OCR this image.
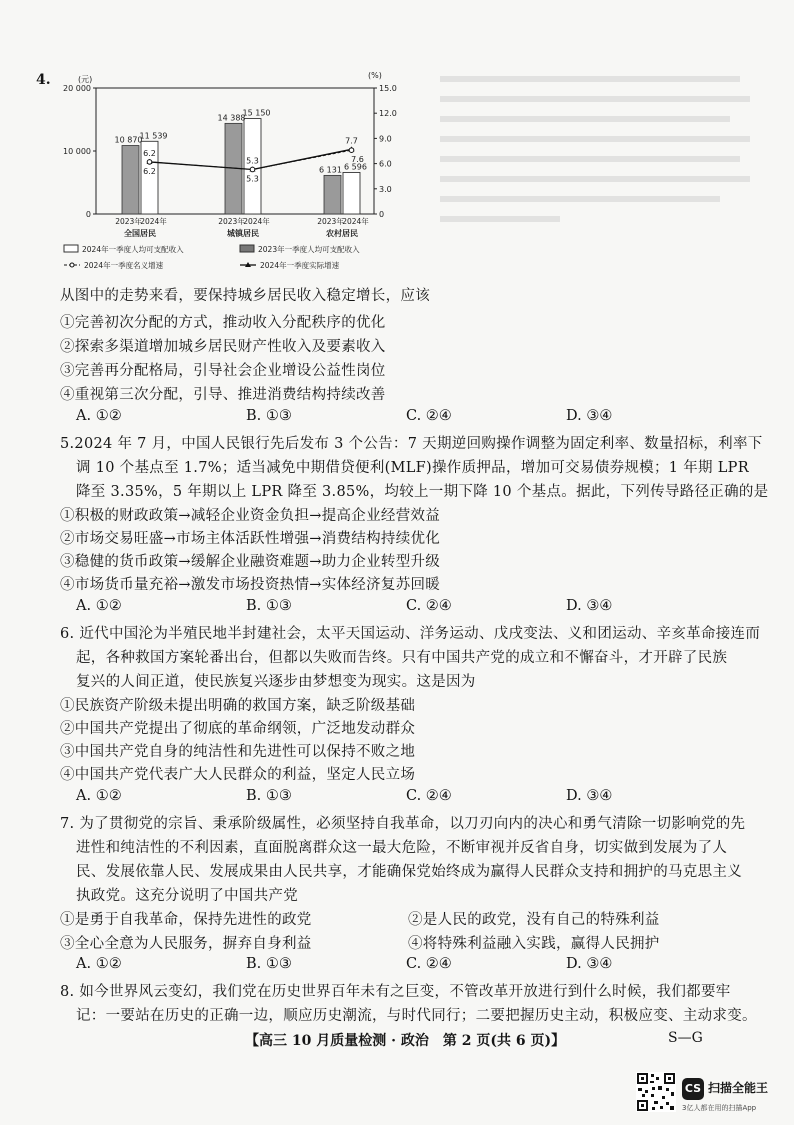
4.	(元)	(%)
20 000
10 000
0
15.0
12.0
9.0
6.0
3.0
0
10 870
11 539
2023年
2024年
全国居民
6.2
6.2
14 388
15 150
2023年
2024年
城镇居民
5.3
5.3
6 131 6 596
2023年
2024年
农村居民
7.7
7.6
2024年一季度人均可支配收入	2023年一季度人均可支配收入
2024年一季度名义增速	2024年一季度实际增速
从图中的走势来看，要保持城乡居民收入稳定增长，应该
①完善初次分配的方式，推动收入分配秩序的优化
②探索多渠道增加城乡居民财产性收入及要素收入
③完善再分配格局，引导社会企业增设公益性岗位
④重视第三次分配，引导、推进消费结构持续改善
A. ①②	B. ①③	C. ②④	D. ③④
5.2024 年 7 月，中国人民银行先后发布 3 个公告：7 天期逆回购操作调整为固定利率、数量招标，利率下
调 10 个基点至 1.7%；适当减免中期借贷便利(MLF)操作质押品，增加可交易债券规模；1 年期 LPR
降至 3.35%，5 年期以上 LPR 降至 3.85%，均较上一期下降 10 个基点。据此，下列传导路径正确的是
①积极的财政政策→减轻企业资金负担→提高企业经营效益
②市场交易旺盛→市场主体活跃性增强→消费结构持续优化
③稳健的货币政策→缓解企业融资难题→助力企业转型升级
④市场货币量充裕→激发市场投资热情→实体经济复苏回暖
A. ①②	B. ①③	C. ②④	D. ③④
6. 近代中国沦为半殖民地半封建社会，太平天国运动、洋务运动、戊戌变法、义和团运动、辛亥革命接连而
起，各种救国方案轮番出台，但都以失败而告终。只有中国共产党的成立和不懈奋斗，才开辟了民族
复兴的人间正道，使民族复兴逐步由梦想变为现实。这是因为
①民族资产阶级未提出明确的救国方案，缺乏阶级基础
②中国共产党提出了彻底的革命纲领，广泛地发动群众
③中国共产党自身的纯洁性和先进性可以保持不败之地
④中国共产党代表广大人民群众的利益，坚定人民立场
A. ①②	B. ①③	C. ②④	D. ③④
7. 为了贯彻党的宗旨、秉承阶级属性，必须坚持自我革命，以刀刃向内的决心和勇气清除一切影响党的先
进性和纯洁性的不利因素，直面脱离群众这一最大危险，不断审视并反省自身，切实做到发展为了人
民、发展依靠人民、发展成果由人民共享，才能确保党始终成为赢得人民群众支持和拥护的马克思主义
执政党。这充分说明了中国共产党
①是勇于自我革命，保持先进性的政党	②是人民的政党，没有自己的特殊利益
③全心全意为人民服务，摒弃自身利益	④将特殊利益融入实践，赢得人民拥护
A. ①②	B. ①③	C. ②④	D. ③④
8. 如今世界风云变幻，我们党在历史世界百年未有之巨变，不管改革开放进行到什么时候，我们都要牢
记：一要站在历史的正确一边，顺应历史潮流，与时代同行；二要把握历史主动，积极应变、主动求变。
【高三 10 月质量检测 · 政治　第 2 页(共 6 页)】	S—G
CS 扫描全能王
3亿人都在用的扫描App
